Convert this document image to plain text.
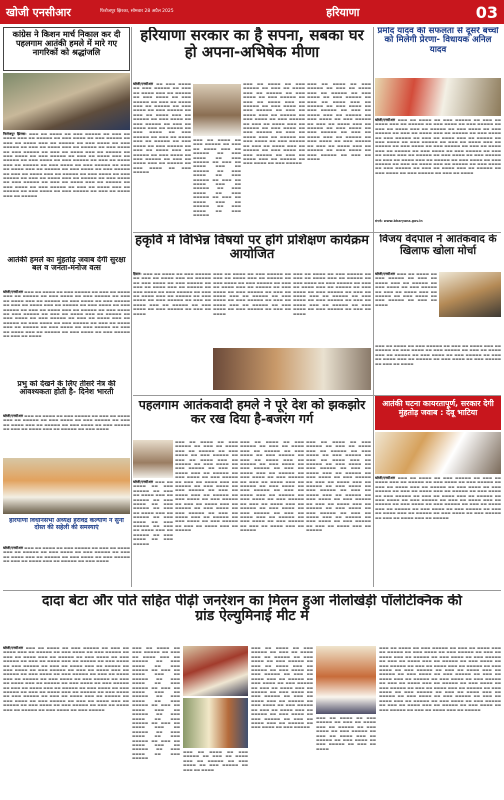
खोजी एनसीआर	फिरोजपुर झिरका, सोमवार 28 अप्रैल 2025	हरियाणा	03
कांग्रेस ने किशन मार्च निकाल कर दी पहलगाम आतंकी हमले में मारे गए नागरिकों को श्रद्धांजलि
फिरोजपुर झिरका: ▬▬▬ ▬▬ ▬▬▬▬ ▬▬ ▬▬▬ ▬▬▬▬▬ ▬▬ ▬▬▬ ▬▬ ▬▬▬▬ ▬▬▬ ▬▬ ▬▬▬▬▬ ▬▬ ▬▬▬ ▬▬▬▬ ▬▬ ▬▬▬ ▬▬▬▬▬ ▬▬ ▬▬▬ ▬▬ ▬▬▬▬ ▬▬▬ ▬▬ ▬▬▬▬▬ ▬▬ ▬▬▬ ▬▬▬▬ ▬▬ ▬▬▬ ▬▬▬▬▬ ▬▬ ▬▬▬ ▬▬ ▬▬▬▬ ▬▬▬ ▬▬ ▬▬▬▬▬ ▬▬ ▬▬▬ ▬▬▬▬ ▬▬ ▬▬▬ ▬▬▬▬▬ ▬▬ ▬▬▬ ▬▬ ▬▬▬▬ ▬▬▬ ▬▬ ▬▬▬▬▬ ▬▬ ▬▬▬ ▬▬▬▬ ▬▬ ▬▬▬ ▬▬▬▬▬ ▬▬ ▬▬▬ ▬▬ ▬▬▬▬ ▬▬▬ ▬▬ ▬▬▬▬▬ ▬▬ ▬▬▬ ▬▬▬▬ ▬▬ ▬▬▬ ▬▬▬▬▬ ▬▬ ▬▬▬ ▬▬ ▬▬▬▬ ▬▬▬ ▬▬ ▬▬▬▬▬ ▬▬ ▬▬▬ ▬▬▬▬ ▬▬ ▬▬▬ ▬▬▬▬▬ ▬▬ ▬▬▬ ▬▬ ▬▬▬▬ ▬▬▬ ▬▬ ▬▬▬▬▬ ▬▬ ▬▬▬ ▬▬▬▬ ▬▬ ▬▬▬ ▬▬▬▬▬ ▬▬ ▬▬▬ ▬▬ ▬▬▬▬ ▬▬▬ ▬▬ ▬▬▬▬▬ ▬▬ ▬▬▬ ▬▬▬▬ ▬▬ ▬▬▬ ▬▬▬▬▬ ▬▬ ▬▬▬ ▬▬ ▬▬▬▬ ▬▬▬ ▬▬ ▬▬▬▬▬ ▬▬ ▬▬▬ ▬▬▬▬ ▬▬ ▬▬▬ ▬▬▬▬▬ ▬▬ ▬▬▬ ▬▬ ▬▬▬▬ ▬▬▬ ▬▬ ▬▬▬▬▬ ▬▬ ▬▬▬ ▬▬▬▬ ▬▬ ▬▬▬ ▬▬▬▬▬ ▬▬ ▬▬▬ ▬▬ ▬▬▬▬ ▬▬▬ ▬▬ ▬▬▬▬▬ ▬▬ ▬▬▬ ▬▬▬▬ ▬▬ ▬▬▬ ▬▬▬▬▬ ▬▬ ▬▬▬ ▬▬ ▬▬▬▬ ▬▬▬ ▬▬ ▬▬▬▬▬
हरियाणा सरकार का है सपना, सबका घर हो अपना-अभिषेक मीणा
खोजी/एनसीआर ▬▬ ▬▬▬ ▬▬▬▬ ▬▬ ▬▬▬ ▬▬▬▬▬ ▬▬ ▬▬▬ ▬▬ ▬▬▬▬ ▬▬▬ ▬▬ ▬▬▬▬▬ ▬▬ ▬▬▬ ▬▬▬▬ ▬▬ ▬▬▬ ▬▬▬▬▬ ▬▬ ▬▬▬ ▬▬ ▬▬▬▬ ▬▬▬ ▬▬ ▬▬▬▬▬ ▬▬ ▬▬▬ ▬▬▬▬ ▬▬ ▬▬▬ ▬▬▬▬▬ ▬▬ ▬▬▬ ▬▬ ▬▬▬▬ ▬▬▬ ▬▬ ▬▬▬▬▬ ▬▬ ▬▬▬ ▬▬▬▬ ▬▬ ▬▬▬ ▬▬▬▬▬ ▬▬ ▬▬▬ ▬▬ ▬▬▬▬ ▬▬▬ ▬▬ ▬▬▬▬▬ ▬▬ ▬▬▬ ▬▬▬▬ ▬▬ ▬▬▬ ▬▬▬▬▬ ▬▬ ▬▬▬ ▬▬ ▬▬▬▬ ▬▬▬ ▬▬ ▬▬▬▬▬ ▬▬ ▬▬▬ ▬▬▬▬ ▬▬ ▬▬▬ ▬▬▬▬▬ ▬▬ ▬▬▬ ▬▬ ▬▬▬▬ ▬▬▬ ▬▬ ▬▬▬▬▬ ▬▬ ▬▬▬ ▬▬▬▬ ▬▬ ▬▬▬ ▬▬▬▬▬ ▬▬ ▬▬▬ ▬▬ ▬▬▬▬ ▬▬▬ ▬▬ ▬▬▬▬▬ ▬▬ ▬▬▬ ▬▬▬▬ ▬▬ ▬▬▬ ▬▬▬▬▬
▬▬▬ ▬▬ ▬▬▬▬ ▬▬ ▬▬▬ ▬▬▬▬▬ ▬▬ ▬▬▬ ▬▬ ▬▬▬▬ ▬▬▬ ▬▬ ▬▬▬▬▬ ▬▬ ▬▬▬ ▬▬▬▬ ▬▬ ▬▬▬ ▬▬▬▬▬ ▬▬ ▬▬▬ ▬▬ ▬▬▬▬ ▬▬▬ ▬▬ ▬▬▬▬▬ ▬▬ ▬▬▬ ▬▬▬▬ ▬▬ ▬▬▬ ▬▬▬▬▬ ▬▬ ▬▬▬ ▬▬ ▬▬▬▬ ▬▬▬ ▬▬ ▬▬▬▬▬ ▬▬ ▬▬▬ ▬▬▬▬ ▬▬ ▬▬▬ ▬▬▬▬▬ ▬▬ ▬▬▬ ▬▬ ▬▬▬▬ ▬▬▬ ▬▬ ▬▬▬▬▬ ▬▬ ▬▬▬ ▬▬▬▬ ▬▬ ▬▬▬ ▬▬▬▬▬
▬▬▬ ▬▬ ▬▬▬▬ ▬▬ ▬▬▬ ▬▬▬▬▬ ▬▬ ▬▬▬ ▬▬ ▬▬▬▬ ▬▬▬ ▬▬ ▬▬▬▬▬ ▬▬ ▬▬▬ ▬▬▬▬ ▬▬ ▬▬▬ ▬▬▬▬▬ ▬▬ ▬▬▬ ▬▬ ▬▬▬▬ ▬▬▬ ▬▬ ▬▬▬▬▬ ▬▬ ▬▬▬ ▬▬▬▬ ▬▬ ▬▬▬ ▬▬▬▬▬ ▬▬ ▬▬▬ ▬▬ ▬▬▬▬ ▬▬▬ ▬▬ ▬▬▬▬▬ ▬▬ ▬▬▬ ▬▬▬▬ ▬▬ ▬▬▬ ▬▬▬▬▬ ▬▬ ▬▬▬ ▬▬ ▬▬▬▬ ▬▬▬ ▬▬ ▬▬▬▬▬ ▬▬ ▬▬▬ ▬▬▬▬ ▬▬ ▬▬▬ ▬▬▬▬▬ ▬▬ ▬▬▬ ▬▬ ▬▬▬▬ ▬▬▬ ▬▬ ▬▬▬▬▬ ▬▬ ▬▬▬ ▬▬▬▬ ▬▬ ▬▬▬ ▬▬▬▬▬ ▬▬ ▬▬▬ ▬▬ ▬▬▬▬ ▬▬▬ ▬▬ ▬▬▬▬▬ ▬▬ ▬▬▬ ▬▬▬▬ ▬▬ ▬▬▬ ▬▬▬▬▬ ▬▬ ▬▬▬ ▬▬ ▬▬▬▬ ▬▬▬ ▬▬ ▬▬▬▬▬ ▬▬ ▬▬▬ ▬▬▬▬ ▬▬ ▬▬▬ ▬▬▬▬▬
▬▬▬ ▬▬ ▬▬▬▬ ▬▬ ▬▬▬ ▬▬▬▬▬ ▬▬ ▬▬▬ ▬▬ ▬▬▬▬ ▬▬▬ ▬▬ ▬▬▬▬▬ ▬▬ ▬▬▬ ▬▬▬▬ ▬▬ ▬▬▬ ▬▬▬▬▬ ▬▬ ▬▬▬ ▬▬ ▬▬▬▬ ▬▬▬ ▬▬ ▬▬▬▬▬ ▬▬ ▬▬▬ ▬▬▬▬ ▬▬ ▬▬▬ ▬▬▬▬▬ ▬▬ ▬▬▬ ▬▬ ▬▬▬▬ ▬▬▬ ▬▬ ▬▬▬▬▬ ▬▬ ▬▬▬ ▬▬▬▬ ▬▬ ▬▬▬ ▬▬▬▬▬ ▬▬ ▬▬▬ ▬▬ ▬▬▬▬ ▬▬▬ ▬▬ ▬▬▬▬▬ ▬▬ ▬▬▬ ▬▬▬▬ ▬▬ ▬▬▬ ▬▬▬▬▬ ▬▬ ▬▬▬ ▬▬ ▬▬▬▬ ▬▬▬ ▬▬ ▬▬▬▬▬ ▬▬ ▬▬▬ ▬▬▬▬ ▬▬ ▬▬▬ ▬▬▬▬▬ ▬▬ ▬▬▬ ▬▬ ▬▬▬▬ ▬▬▬ ▬▬ ▬▬▬▬▬ ▬▬ ▬▬▬ ▬▬▬▬ ▬▬ ▬▬▬ ▬▬▬▬▬ ▬▬ ▬▬▬ ▬▬ ▬▬▬▬
प्रमोद यादव की सफलता से दूसरे बच्चों को मिलेगी प्रेरणा- विधायक अनिल यादव
खोजी/एनसीआर ▬▬▬ ▬▬ ▬▬▬▬ ▬▬ ▬▬▬ ▬▬▬▬▬ ▬▬ ▬▬▬ ▬▬ ▬▬▬▬ ▬▬▬ ▬▬ ▬▬▬▬▬ ▬▬ ▬▬▬ ▬▬▬▬ ▬▬ ▬▬▬ ▬▬▬▬▬ ▬▬ ▬▬▬ ▬▬ ▬▬▬▬ ▬▬▬ ▬▬ ▬▬▬▬▬ ▬▬ ▬▬▬ ▬▬▬▬ ▬▬ ▬▬▬ ▬▬▬▬▬ ▬▬ ▬▬▬ ▬▬ ▬▬▬▬ ▬▬▬ ▬▬ ▬▬▬▬▬ ▬▬ ▬▬▬ ▬▬▬▬ ▬▬ ▬▬▬ ▬▬▬▬▬ ▬▬ ▬▬▬ ▬▬ ▬▬▬▬ ▬▬▬ ▬▬ ▬▬▬▬▬ ▬▬ ▬▬▬ ▬▬▬▬ ▬▬ ▬▬▬ ▬▬▬▬▬ ▬▬ ▬▬▬ ▬▬ ▬▬▬▬ ▬▬▬ ▬▬ ▬▬▬▬▬ ▬▬ ▬▬▬ ▬▬▬▬ ▬▬ ▬▬▬ ▬▬▬▬▬ ▬▬ ▬▬▬ ▬▬ ▬▬▬▬ ▬▬▬ ▬▬ ▬▬▬▬▬ ▬▬ ▬▬▬ ▬▬▬▬ ▬▬ ▬▬▬ ▬▬▬▬▬ ▬▬ ▬▬▬ ▬▬ ▬▬▬▬ ▬▬▬ ▬▬ ▬▬▬▬▬ ▬▬ ▬▬▬ ▬▬▬▬ ▬▬ ▬▬▬ ▬▬▬▬▬ ▬▬ ▬▬▬ ▬▬ ▬▬▬▬ ▬▬▬ ▬▬ ▬▬▬▬▬ ▬▬ ▬▬▬ ▬▬▬▬ ▬▬ ▬▬▬ ▬▬▬▬▬ ▬▬ ▬▬▬ ▬▬ ▬▬▬▬ ▬▬▬ ▬▬ ▬▬▬▬▬ ▬▬ ▬▬▬ ▬▬▬▬ ▬▬ ▬▬▬ ▬▬▬▬▬ ▬▬ ▬▬▬ ▬▬ ▬▬▬▬ ▬▬▬ ▬▬ ▬▬▬▬▬ ▬▬ ▬▬▬ ▬▬▬▬ ▬▬ ▬▬▬ ▬▬▬▬▬ ▬▬ ▬▬▬ ▬▬ ▬▬▬▬
संपर्क: www.bharyana.gov.in
हकृवि में विभिन्न विषयों पर होंगे प्रशिक्षण कार्यक्रम आयोजित
हिसार: ▬▬▬ ▬▬ ▬▬▬▬ ▬▬ ▬▬▬ ▬▬▬▬▬ ▬▬ ▬▬▬ ▬▬ ▬▬▬▬ ▬▬▬ ▬▬ ▬▬▬▬▬ ▬▬ ▬▬▬ ▬▬▬▬ ▬▬ ▬▬▬ ▬▬▬▬▬ ▬▬ ▬▬▬ ▬▬ ▬▬▬▬ ▬▬▬ ▬▬ ▬▬▬▬▬ ▬▬ ▬▬▬ ▬▬▬▬ ▬▬ ▬▬▬ ▬▬▬▬▬ ▬▬ ▬▬▬ ▬▬ ▬▬▬▬ ▬▬▬ ▬▬ ▬▬▬▬▬ ▬▬ ▬▬▬ ▬▬▬▬ ▬▬ ▬▬▬ ▬▬▬▬▬ ▬▬ ▬▬▬ ▬▬ ▬▬▬▬ ▬▬▬ ▬▬ ▬▬▬▬▬ ▬▬ ▬▬▬ ▬▬▬▬ ▬▬ ▬▬▬ ▬▬▬▬▬ ▬▬ ▬▬▬ ▬▬ ▬▬▬▬
▬▬▬ ▬▬ ▬▬▬▬ ▬▬ ▬▬▬ ▬▬▬▬▬ ▬▬ ▬▬▬ ▬▬ ▬▬▬▬ ▬▬▬ ▬▬ ▬▬▬▬▬ ▬▬ ▬▬▬ ▬▬▬▬ ▬▬ ▬▬▬ ▬▬▬▬▬ ▬▬ ▬▬▬ ▬▬ ▬▬▬▬ ▬▬▬ ▬▬ ▬▬▬▬▬ ▬▬ ▬▬▬ ▬▬▬▬ ▬▬ ▬▬▬ ▬▬▬▬▬ ▬▬ ▬▬▬ ▬▬ ▬▬▬▬ ▬▬▬ ▬▬ ▬▬▬▬▬ ▬▬ ▬▬▬ ▬▬▬▬ ▬▬ ▬▬▬ ▬▬▬▬▬ ▬▬ ▬▬▬ ▬▬ ▬▬▬▬ ▬▬▬ ▬▬ ▬▬▬▬▬ ▬▬ ▬▬▬ ▬▬▬▬ ▬▬ ▬▬▬ ▬▬▬▬▬ ▬▬ ▬▬▬ ▬▬ ▬▬▬▬
▬▬▬ ▬▬ ▬▬▬▬ ▬▬ ▬▬▬ ▬▬▬▬▬ ▬▬ ▬▬▬ ▬▬ ▬▬▬▬ ▬▬▬ ▬▬ ▬▬▬▬▬ ▬▬ ▬▬▬ ▬▬▬▬ ▬▬ ▬▬▬ ▬▬▬▬▬ ▬▬ ▬▬▬ ▬▬ ▬▬▬▬ ▬▬▬ ▬▬ ▬▬▬▬▬ ▬▬ ▬▬▬ ▬▬▬▬ ▬▬ ▬▬▬ ▬▬▬▬▬ ▬▬ ▬▬▬ ▬▬ ▬▬▬▬ ▬▬▬ ▬▬ ▬▬▬▬▬ ▬▬ ▬▬▬ ▬▬▬▬ ▬▬ ▬▬▬ ▬▬▬▬▬ ▬▬ ▬▬▬ ▬▬ ▬▬▬▬ ▬▬▬ ▬▬ ▬▬▬▬▬ ▬▬ ▬▬▬ ▬▬▬▬ ▬▬ ▬▬▬ ▬▬▬▬▬ ▬▬ ▬▬▬ ▬▬ ▬▬▬▬
विजय वेदपाल ने आतंकवाद के खिलाफ खोला मोर्चा
खोजी/एनसीआर ▬▬▬ ▬▬ ▬▬▬▬ ▬▬ ▬▬▬ ▬▬▬▬▬ ▬▬ ▬▬▬ ▬▬ ▬▬▬▬ ▬▬▬ ▬▬ ▬▬▬▬▬ ▬▬ ▬▬▬ ▬▬▬▬ ▬▬ ▬▬▬ ▬▬▬▬▬ ▬▬ ▬▬▬ ▬▬ ▬▬▬▬ ▬▬▬ ▬▬ ▬▬▬▬▬ ▬▬ ▬▬▬ ▬▬▬▬ ▬▬ ▬▬▬ ▬▬▬▬▬ ▬▬ ▬▬▬ ▬▬ ▬▬▬▬
▬▬▬ ▬▬ ▬▬▬▬ ▬▬ ▬▬▬ ▬▬▬▬▬ ▬▬ ▬▬▬ ▬▬ ▬▬▬▬ ▬▬▬ ▬▬ ▬▬▬▬▬ ▬▬ ▬▬▬ ▬▬▬▬ ▬▬ ▬▬▬ ▬▬▬▬▬ ▬▬ ▬▬▬ ▬▬ ▬▬▬▬ ▬▬▬ ▬▬ ▬▬▬▬▬ ▬▬ ▬▬▬ ▬▬▬▬ ▬▬ ▬▬▬ ▬▬▬▬▬ ▬▬ ▬▬▬ ▬▬ ▬▬▬▬ ▬▬▬ ▬▬ ▬▬▬▬▬ ▬▬ ▬▬▬ ▬▬▬▬ ▬▬ ▬▬▬ ▬▬▬▬▬ ▬▬ ▬▬▬ ▬▬ ▬▬▬▬
आतंकी हमले का मुंहतोड़ जवाब देगी सुरक्षा बल व जनता-मनोज वत्स
खोजी/एनसीआर ▬▬▬ ▬▬ ▬▬▬▬ ▬▬ ▬▬▬ ▬▬▬▬▬ ▬▬ ▬▬▬ ▬▬ ▬▬▬▬ ▬▬▬ ▬▬ ▬▬▬▬▬ ▬▬ ▬▬▬ ▬▬▬▬ ▬▬ ▬▬▬ ▬▬▬▬▬ ▬▬ ▬▬▬ ▬▬ ▬▬▬▬ ▬▬▬ ▬▬ ▬▬▬▬▬ ▬▬ ▬▬▬ ▬▬▬▬ ▬▬ ▬▬▬ ▬▬▬▬▬ ▬▬ ▬▬▬ ▬▬ ▬▬▬▬ ▬▬▬ ▬▬ ▬▬▬▬▬ ▬▬ ▬▬▬ ▬▬▬▬ ▬▬ ▬▬▬ ▬▬▬▬▬ ▬▬ ▬▬▬ ▬▬ ▬▬▬▬ ▬▬▬ ▬▬ ▬▬▬▬▬ ▬▬ ▬▬▬ ▬▬▬▬ ▬▬ ▬▬▬ ▬▬▬▬▬ ▬▬ ▬▬▬ ▬▬ ▬▬▬▬ ▬▬▬ ▬▬ ▬▬▬▬▬ ▬▬ ▬▬▬ ▬▬▬▬ ▬▬ ▬▬▬ ▬▬▬▬▬ ▬▬ ▬▬▬ ▬▬ ▬▬▬▬ ▬▬▬ ▬▬ ▬▬▬▬▬ ▬▬ ▬▬▬ ▬▬▬▬ ▬▬ ▬▬▬ ▬▬▬▬▬ ▬▬ ▬▬▬ ▬▬ ▬▬▬▬ ▬▬▬ ▬▬ ▬▬▬▬▬ ▬▬ ▬▬▬ ▬▬▬▬ ▬▬ ▬▬▬ ▬▬▬▬▬ ▬▬ ▬▬▬ ▬▬ ▬▬▬▬ ▬▬▬ ▬▬ ▬▬▬▬▬ ▬▬ ▬▬▬ ▬▬▬▬ ▬▬ ▬▬▬ ▬▬▬▬▬ ▬▬ ▬▬▬ ▬▬ ▬▬▬▬
प्रभु को देखने के लिए तीसरे नेत्र की आवश्यकता होती है- दिनेश भारती
खोजी/एनसीआर ▬▬▬ ▬▬ ▬▬▬▬ ▬▬ ▬▬▬ ▬▬▬▬▬ ▬▬ ▬▬▬ ▬▬ ▬▬▬▬ ▬▬▬ ▬▬ ▬▬▬▬▬ ▬▬ ▬▬▬ ▬▬▬▬ ▬▬ ▬▬▬ ▬▬▬▬▬ ▬▬ ▬▬▬ ▬▬ ▬▬▬▬ ▬▬▬ ▬▬ ▬▬▬▬▬ ▬▬ ▬▬▬ ▬▬▬▬ ▬▬ ▬▬▬ ▬▬▬▬▬ ▬▬ ▬▬▬ ▬▬ ▬▬▬▬ ▬▬▬ ▬▬ ▬▬▬▬▬ ▬▬ ▬▬▬ ▬▬▬▬
पहलगाम आतंकवादी हमले ने पूरे देश को झकझोर कर रख दिया है-बजरंग गर्ग
खोजी/एनसीआर ▬▬▬ ▬▬ ▬▬▬▬ ▬▬ ▬▬▬ ▬▬▬▬▬ ▬▬ ▬▬▬ ▬▬ ▬▬▬▬ ▬▬▬ ▬▬ ▬▬▬▬▬ ▬▬ ▬▬▬ ▬▬▬▬ ▬▬ ▬▬▬ ▬▬▬▬▬ ▬▬ ▬▬▬ ▬▬ ▬▬▬▬ ▬▬▬ ▬▬ ▬▬▬▬▬ ▬▬ ▬▬▬ ▬▬▬▬ ▬▬ ▬▬▬ ▬▬▬▬▬ ▬▬ ▬▬▬ ▬▬ ▬▬▬▬ ▬▬▬ ▬▬ ▬▬▬▬▬ ▬▬ ▬▬▬ ▬▬▬▬ ▬▬ ▬▬▬ ▬▬▬▬▬
▬▬▬ ▬▬ ▬▬▬▬ ▬▬ ▬▬▬ ▬▬▬▬▬ ▬▬ ▬▬▬ ▬▬ ▬▬▬▬ ▬▬▬ ▬▬ ▬▬▬▬▬ ▬▬ ▬▬▬ ▬▬▬▬ ▬▬ ▬▬▬ ▬▬▬▬▬ ▬▬ ▬▬▬ ▬▬ ▬▬▬▬ ▬▬▬ ▬▬ ▬▬▬▬▬ ▬▬ ▬▬▬ ▬▬▬▬ ▬▬ ▬▬▬ ▬▬▬▬▬ ▬▬ ▬▬▬ ▬▬ ▬▬▬▬ ▬▬▬ ▬▬ ▬▬▬▬▬ ▬▬ ▬▬▬ ▬▬▬▬ ▬▬ ▬▬▬ ▬▬▬▬▬ ▬▬ ▬▬▬ ▬▬ ▬▬▬▬ ▬▬▬ ▬▬ ▬▬▬▬▬ ▬▬ ▬▬▬ ▬▬▬▬ ▬▬ ▬▬▬ ▬▬▬▬▬ ▬▬ ▬▬▬ ▬▬ ▬▬▬▬ ▬▬▬ ▬▬ ▬▬▬▬▬ ▬▬ ▬▬▬ ▬▬▬▬ ▬▬ ▬▬▬ ▬▬▬▬▬ ▬▬ ▬▬▬ ▬▬ ▬▬▬▬ ▬▬▬ ▬▬ ▬▬▬▬▬ ▬▬ ▬▬▬ ▬▬▬▬ ▬▬ ▬▬▬ ▬▬▬▬▬ ▬▬ ▬▬▬ ▬▬ ▬▬▬▬ ▬▬▬ ▬▬ ▬▬▬▬▬ ▬▬ ▬▬▬ ▬▬▬▬ ▬▬ ▬▬▬ ▬▬▬▬▬ ▬▬ ▬▬▬ ▬▬ ▬▬▬▬ ▬▬▬ ▬▬ ▬▬▬▬▬
▬▬▬ ▬▬ ▬▬▬▬ ▬▬ ▬▬▬ ▬▬▬▬▬ ▬▬ ▬▬▬ ▬▬ ▬▬▬▬ ▬▬▬ ▬▬ ▬▬▬▬▬ ▬▬ ▬▬▬ ▬▬▬▬ ▬▬ ▬▬▬ ▬▬▬▬▬ ▬▬ ▬▬▬ ▬▬ ▬▬▬▬ ▬▬▬ ▬▬ ▬▬▬▬▬ ▬▬ ▬▬▬ ▬▬▬▬ ▬▬ ▬▬▬ ▬▬▬▬▬ ▬▬ ▬▬▬ ▬▬ ▬▬▬▬ ▬▬▬ ▬▬ ▬▬▬▬▬ ▬▬ ▬▬▬ ▬▬▬▬ ▬▬ ▬▬▬ ▬▬▬▬▬ ▬▬ ▬▬▬ ▬▬ ▬▬▬▬ ▬▬▬ ▬▬ ▬▬▬▬▬ ▬▬ ▬▬▬ ▬▬▬▬ ▬▬ ▬▬▬ ▬▬▬▬▬ ▬▬ ▬▬▬ ▬▬ ▬▬▬▬ ▬▬▬ ▬▬ ▬▬▬▬▬ ▬▬ ▬▬▬ ▬▬▬▬ ▬▬ ▬▬▬ ▬▬▬▬▬ ▬▬ ▬▬▬ ▬▬ ▬▬▬▬ ▬▬▬ ▬▬ ▬▬▬▬▬ ▬▬ ▬▬▬ ▬▬▬▬ ▬▬ ▬▬▬ ▬▬▬▬▬ ▬▬ ▬▬▬ ▬▬ ▬▬▬▬ ▬▬▬ ▬▬ ▬▬▬▬▬ ▬▬ ▬▬▬ ▬▬▬▬ ▬▬ ▬▬▬ ▬▬▬▬▬ ▬▬ ▬▬▬ ▬▬ ▬▬▬▬ ▬▬▬ ▬▬ ▬▬▬▬▬
▬▬▬ ▬▬ ▬▬▬▬ ▬▬ ▬▬▬ ▬▬▬▬▬ ▬▬ ▬▬▬ ▬▬ ▬▬▬▬ ▬▬▬ ▬▬ ▬▬▬▬▬ ▬▬ ▬▬▬ ▬▬▬▬ ▬▬ ▬▬▬ ▬▬▬▬▬ ▬▬ ▬▬▬ ▬▬ ▬▬▬▬ ▬▬▬ ▬▬ ▬▬▬▬▬ ▬▬ ▬▬▬ ▬▬▬▬ ▬▬ ▬▬▬ ▬▬▬▬▬ ▬▬ ▬▬▬ ▬▬ ▬▬▬▬ ▬▬▬ ▬▬ ▬▬▬▬▬ ▬▬ ▬▬▬ ▬▬▬▬ ▬▬ ▬▬▬ ▬▬▬▬▬ ▬▬ ▬▬▬ ▬▬ ▬▬▬▬ ▬▬▬ ▬▬ ▬▬▬▬▬ ▬▬ ▬▬▬ ▬▬▬▬ ▬▬ ▬▬▬ ▬▬▬▬▬ ▬▬ ▬▬▬ ▬▬ ▬▬▬▬ ▬▬▬ ▬▬ ▬▬▬▬▬ ▬▬ ▬▬▬ ▬▬▬▬ ▬▬ ▬▬▬ ▬▬▬▬▬ ▬▬ ▬▬▬ ▬▬ ▬▬▬▬ ▬▬▬ ▬▬ ▬▬▬▬▬ ▬▬ ▬▬▬ ▬▬▬▬ ▬▬ ▬▬▬ ▬▬▬▬▬ ▬▬ ▬▬▬ ▬▬ ▬▬▬▬ ▬▬▬ ▬▬ ▬▬▬▬▬ ▬▬ ▬▬▬ ▬▬▬▬ ▬▬ ▬▬▬ ▬▬▬▬▬ ▬▬ ▬▬▬ ▬▬ ▬▬▬▬ ▬▬▬ ▬▬ ▬▬▬▬▬
आतंकी घटना कायरतापूर्ण, सरकार देगी मुंहतोड़ जवाब : देवू भाटिया
खोजी/एनसीआर ▬▬▬ ▬▬ ▬▬▬▬ ▬▬ ▬▬▬ ▬▬▬▬▬ ▬▬ ▬▬▬ ▬▬ ▬▬▬▬ ▬▬▬ ▬▬ ▬▬▬▬▬ ▬▬ ▬▬▬ ▬▬▬▬ ▬▬ ▬▬▬ ▬▬▬▬▬ ▬▬ ▬▬▬ ▬▬ ▬▬▬▬ ▬▬▬ ▬▬ ▬▬▬▬▬ ▬▬ ▬▬▬ ▬▬▬▬ ▬▬ ▬▬▬ ▬▬▬▬▬ ▬▬ ▬▬▬ ▬▬ ▬▬▬▬ ▬▬▬ ▬▬ ▬▬▬▬▬ ▬▬ ▬▬▬ ▬▬▬▬ ▬▬ ▬▬▬ ▬▬▬▬▬ ▬▬ ▬▬▬ ▬▬ ▬▬▬▬ ▬▬▬ ▬▬ ▬▬▬▬▬ ▬▬ ▬▬▬ ▬▬▬▬ ▬▬ ▬▬▬ ▬▬▬▬▬ ▬▬ ▬▬▬ ▬▬ ▬▬▬▬ ▬▬▬ ▬▬ ▬▬▬▬▬ ▬▬ ▬▬▬ ▬▬▬▬ ▬▬ ▬▬▬ ▬▬▬▬▬ ▬▬ ▬▬▬ ▬▬ ▬▬▬▬ ▬▬▬ ▬▬ ▬▬▬▬▬ ▬▬ ▬▬▬ ▬▬▬▬ ▬▬ ▬▬▬ ▬▬▬▬▬ ▬▬ ▬▬▬ ▬▬ ▬▬▬▬ ▬▬▬ ▬▬ ▬▬▬▬▬ ▬▬ ▬▬▬ ▬▬▬▬ ▬▬ ▬▬▬ ▬▬▬▬▬ ▬▬ ▬▬▬ ▬▬ ▬▬▬▬ ▬▬▬ ▬▬ ▬▬▬▬▬
हरियाणा विधानसभा अध्यक्ष हरविंद्र कल्याण ने सुनी दोस्त की सहेली की समस्याएं
खोजी/एनसीआर ▬▬▬ ▬▬ ▬▬▬▬ ▬▬ ▬▬▬ ▬▬▬▬▬ ▬▬ ▬▬▬ ▬▬ ▬▬▬▬ ▬▬▬ ▬▬ ▬▬▬▬▬ ▬▬ ▬▬▬ ▬▬▬▬ ▬▬ ▬▬▬ ▬▬▬▬▬ ▬▬ ▬▬▬ ▬▬ ▬▬▬▬ ▬▬▬ ▬▬ ▬▬▬▬▬ ▬▬ ▬▬▬ ▬▬▬▬ ▬▬ ▬▬▬ ▬▬▬▬▬ ▬▬ ▬▬▬ ▬▬ ▬▬▬▬ ▬▬▬ ▬▬ ▬▬▬▬▬ ▬▬ ▬▬▬ ▬▬▬▬
दादा बेटा और पोते सहित पीढ़ी जनरेशन का मिलन हुआ नीलोखेड़ी पॉलीटेक्निक की ग्रांड ऐल्युमिनाई मीट में
खोजी/एनसीआर ▬▬▬ ▬▬ ▬▬▬▬ ▬▬ ▬▬▬ ▬▬▬▬▬ ▬▬ ▬▬▬ ▬▬ ▬▬▬▬ ▬▬▬ ▬▬ ▬▬▬▬▬ ▬▬ ▬▬▬ ▬▬▬▬ ▬▬ ▬▬▬ ▬▬▬▬▬ ▬▬ ▬▬▬ ▬▬ ▬▬▬▬ ▬▬▬ ▬▬ ▬▬▬▬▬ ▬▬ ▬▬▬ ▬▬▬▬ ▬▬ ▬▬▬ ▬▬▬▬▬ ▬▬ ▬▬▬ ▬▬ ▬▬▬▬ ▬▬▬ ▬▬ ▬▬▬▬▬ ▬▬ ▬▬▬ ▬▬▬▬ ▬▬ ▬▬▬ ▬▬▬▬▬ ▬▬ ▬▬▬ ▬▬ ▬▬▬▬ ▬▬▬ ▬▬ ▬▬▬▬▬ ▬▬ ▬▬▬ ▬▬▬▬ ▬▬ ▬▬▬ ▬▬▬▬▬ ▬▬ ▬▬▬ ▬▬ ▬▬▬▬ ▬▬▬ ▬▬ ▬▬▬▬▬ ▬▬ ▬▬▬ ▬▬▬▬ ▬▬ ▬▬▬ ▬▬▬▬▬ ▬▬ ▬▬▬ ▬▬ ▬▬▬▬ ▬▬▬ ▬▬ ▬▬▬▬▬ ▬▬ ▬▬▬ ▬▬▬▬ ▬▬ ▬▬▬ ▬▬▬▬▬ ▬▬ ▬▬▬ ▬▬ ▬▬▬▬ ▬▬▬ ▬▬ ▬▬▬▬▬ ▬▬ ▬▬▬ ▬▬▬▬ ▬▬ ▬▬▬ ▬▬▬▬▬ ▬▬ ▬▬▬ ▬▬ ▬▬▬▬ ▬▬▬ ▬▬ ▬▬▬▬▬ ▬▬ ▬▬▬ ▬▬▬▬ ▬▬ ▬▬▬ ▬▬▬▬▬ ▬▬ ▬▬▬ ▬▬ ▬▬▬▬ ▬▬▬ ▬▬ ▬▬▬▬▬ ▬▬ ▬▬▬ ▬▬▬▬ ▬▬ ▬▬▬ ▬▬▬▬▬ ▬▬ ▬▬▬ ▬▬ ▬▬▬▬ ▬▬▬ ▬▬ ▬▬▬▬▬ ▬▬ ▬▬▬ ▬▬▬▬ ▬▬ ▬▬▬ ▬▬▬▬▬ ▬▬ ▬▬▬ ▬▬ ▬▬▬▬ ▬▬▬ ▬▬ ▬▬▬▬▬ ▬▬ ▬▬▬ ▬▬▬▬ ▬▬ ▬▬▬ ▬▬▬▬▬ ▬▬ ▬▬▬ ▬▬ ▬▬▬▬ ▬▬▬ ▬▬ ▬▬▬▬▬ ▬▬ ▬▬▬ ▬▬▬▬ ▬▬ ▬▬▬ ▬▬▬▬▬
▬▬▬ ▬▬ ▬▬▬▬ ▬▬ ▬▬▬ ▬▬▬▬▬ ▬▬ ▬▬▬ ▬▬ ▬▬▬▬ ▬▬▬ ▬▬ ▬▬▬▬▬ ▬▬ ▬▬▬ ▬▬▬▬ ▬▬ ▬▬▬ ▬▬▬▬▬ ▬▬ ▬▬▬ ▬▬ ▬▬▬▬ ▬▬▬ ▬▬ ▬▬▬▬▬ ▬▬ ▬▬▬ ▬▬▬▬ ▬▬ ▬▬▬ ▬▬▬▬▬ ▬▬ ▬▬▬ ▬▬ ▬▬▬▬ ▬▬▬ ▬▬ ▬▬▬▬▬ ▬▬ ▬▬▬ ▬▬▬▬ ▬▬ ▬▬▬ ▬▬▬▬▬ ▬▬ ▬▬▬ ▬▬ ▬▬▬▬ ▬▬▬ ▬▬ ▬▬▬▬▬ ▬▬ ▬▬▬ ▬▬▬▬ ▬▬ ▬▬▬ ▬▬▬▬▬ ▬▬ ▬▬▬ ▬▬ ▬▬▬▬ ▬▬▬ ▬▬ ▬▬▬▬▬ ▬▬ ▬▬▬ ▬▬▬▬ ▬▬ ▬▬▬ ▬▬▬▬▬ ▬▬ ▬▬▬ ▬▬ ▬▬▬▬ ▬▬▬ ▬▬ ▬▬▬▬▬ ▬▬ ▬▬▬ ▬▬▬▬ ▬▬ ▬▬▬ ▬▬▬▬▬
▬▬▬ ▬▬ ▬▬▬▬ ▬▬ ▬▬▬ ▬▬▬▬▬ ▬▬ ▬▬▬ ▬▬ ▬▬▬▬ ▬▬▬ ▬▬ ▬▬▬▬▬ ▬▬ ▬▬▬ ▬▬▬▬ ▬▬ ▬▬▬ ▬▬▬▬▬ ▬▬ ▬▬▬ ▬▬ ▬▬▬▬
▬▬▬ ▬▬ ▬▬▬▬ ▬▬ ▬▬▬ ▬▬▬▬▬ ▬▬ ▬▬▬ ▬▬ ▬▬▬▬ ▬▬▬ ▬▬ ▬▬▬▬▬ ▬▬ ▬▬▬ ▬▬▬▬ ▬▬ ▬▬▬ ▬▬▬▬▬ ▬▬ ▬▬▬ ▬▬ ▬▬▬▬ ▬▬▬ ▬▬ ▬▬▬▬▬ ▬▬ ▬▬▬ ▬▬▬▬ ▬▬ ▬▬▬ ▬▬▬▬▬ ▬▬ ▬▬▬ ▬▬ ▬▬▬▬ ▬▬▬ ▬▬ ▬▬▬▬▬ ▬▬ ▬▬▬ ▬▬▬▬ ▬▬ ▬▬▬ ▬▬▬▬▬ ▬▬ ▬▬▬ ▬▬ ▬▬▬▬ ▬▬▬ ▬▬ ▬▬▬▬▬ ▬▬ ▬▬▬ ▬▬▬▬ ▬▬ ▬▬▬ ▬▬▬▬▬ ▬▬ ▬▬▬ ▬▬ ▬▬▬▬ ▬▬▬ ▬▬ ▬▬▬▬▬ ▬▬ ▬▬▬ ▬▬▬▬ ▬▬ ▬▬▬ ▬▬▬▬▬ ▬▬ ▬▬▬ ▬▬ ▬▬▬▬ ▬▬▬ ▬▬ ▬▬▬▬▬ ▬▬ ▬▬▬ ▬▬▬▬ ▬▬ ▬▬▬ ▬▬▬▬▬ ▬▬ ▬▬▬ ▬▬ ▬▬▬▬ ▬▬▬ ▬▬ ▬▬▬▬▬ ▬▬ ▬▬▬ ▬▬▬▬ ▬▬ ▬▬▬ ▬▬▬▬▬
▬▬▬ ▬▬ ▬▬▬▬ ▬▬ ▬▬▬ ▬▬▬▬▬ ▬▬ ▬▬▬ ▬▬ ▬▬▬▬ ▬▬▬ ▬▬ ▬▬▬▬▬ ▬▬ ▬▬▬ ▬▬▬▬ ▬▬ ▬▬▬ ▬▬▬▬▬ ▬▬ ▬▬▬ ▬▬ ▬▬▬▬ ▬▬▬ ▬▬ ▬▬▬▬▬ ▬▬ ▬▬▬ ▬▬▬▬ ▬▬ ▬▬▬ ▬▬▬▬▬ ▬▬ ▬▬▬ ▬▬ ▬▬▬▬
▬▬▬ ▬▬ ▬▬▬▬ ▬▬ ▬▬▬ ▬▬▬▬▬ ▬▬ ▬▬▬ ▬▬ ▬▬▬▬ ▬▬▬ ▬▬ ▬▬▬▬▬ ▬▬ ▬▬▬ ▬▬▬▬ ▬▬ ▬▬▬ ▬▬▬▬▬ ▬▬ ▬▬▬ ▬▬ ▬▬▬▬ ▬▬▬ ▬▬ ▬▬▬▬▬ ▬▬ ▬▬▬ ▬▬▬▬ ▬▬ ▬▬▬ ▬▬▬▬▬ ▬▬ ▬▬▬ ▬▬ ▬▬▬▬ ▬▬▬ ▬▬ ▬▬▬▬▬ ▬▬ ▬▬▬ ▬▬▬▬ ▬▬ ▬▬▬ ▬▬▬▬▬ ▬▬ ▬▬▬ ▬▬ ▬▬▬▬ ▬▬▬ ▬▬ ▬▬▬▬▬ ▬▬ ▬▬▬ ▬▬▬▬ ▬▬ ▬▬▬ ▬▬▬▬▬ ▬▬ ▬▬▬ ▬▬ ▬▬▬▬ ▬▬▬ ▬▬ ▬▬▬▬▬ ▬▬ ▬▬▬ ▬▬▬▬ ▬▬ ▬▬▬ ▬▬▬▬▬ ▬▬ ▬▬▬ ▬▬ ▬▬▬▬ ▬▬▬ ▬▬ ▬▬▬▬▬ ▬▬ ▬▬▬ ▬▬▬▬ ▬▬ ▬▬▬ ▬▬▬▬▬ ▬▬ ▬▬▬ ▬▬ ▬▬▬▬ ▬▬▬ ▬▬ ▬▬▬▬▬ ▬▬ ▬▬▬ ▬▬▬▬ ▬▬ ▬▬▬ ▬▬▬▬▬ ▬▬ ▬▬▬ ▬▬ ▬▬▬▬ ▬▬▬ ▬▬ ▬▬▬▬▬ ▬▬ ▬▬▬ ▬▬▬▬ ▬▬ ▬▬▬ ▬▬▬▬▬ ▬▬ ▬▬▬ ▬▬ ▬▬▬▬ ▬▬▬ ▬▬ ▬▬▬▬▬ ▬▬ ▬▬▬ ▬▬▬▬ ▬▬ ▬▬▬ ▬▬▬▬▬ ▬▬ ▬▬▬ ▬▬ ▬▬▬▬ ▬▬▬ ▬▬ ▬▬▬▬▬ ▬▬ ▬▬▬ ▬▬▬▬ ▬▬ ▬▬▬ ▬▬▬▬▬ ▬▬ ▬▬▬ ▬▬ ▬▬▬▬ ▬▬▬ ▬▬ ▬▬▬▬▬ ▬▬ ▬▬▬ ▬▬▬▬ ▬▬ ▬▬▬ ▬▬▬▬▬ ▬▬ ▬▬▬ ▬▬ ▬▬▬▬ ▬▬▬ ▬▬ ▬▬▬▬▬
